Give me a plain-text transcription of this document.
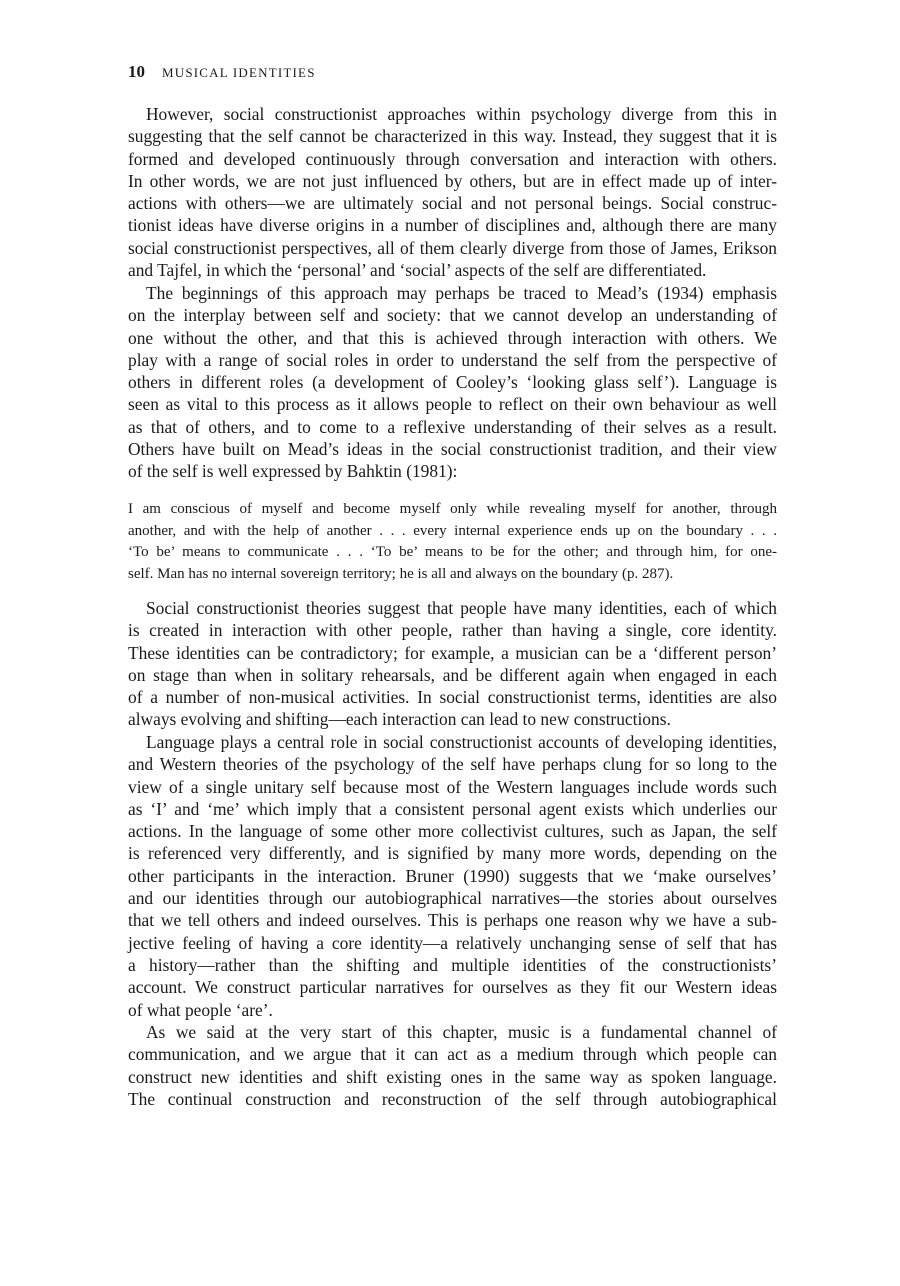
10 MUSICAL IDENTITIES
However, social constructionist approaches within psychology diverge from this in
suggesting that the self cannot be characterized in this way. Instead, they suggest that it is
formed and developed continuously through conversation and interaction with others.
In other words, we are not just influenced by others, but are in effect made up of inter-
actions with others—we are ultimately social and not personal beings. Social construc-
tionist ideas have diverse origins in a number of disciplines and, although there are many
social constructionist perspectives, all of them clearly diverge from those of James, Erikson
and Tajfel, in which the ‘personal’ and ‘social’ aspects of the self are differentiated.
The beginnings of this approach may perhaps be traced to Mead’s (1934) emphasis
on the interplay between self and society: that we cannot develop an understanding of
one without the other, and that this is achieved through interaction with others. We
play with a range of social roles in order to understand the self from the perspective of
others in different roles (a development of Cooley’s ‘looking glass self’). Language is
seen as vital to this process as it allows people to reflect on their own behaviour as well
as that of others, and to come to a reflexive understanding of their selves as a result.
Others have built on Mead’s ideas in the social constructionist tradition, and their view
of the self is well expressed by Bahktin (1981):
I am conscious of myself and become myself only while revealing myself for another, through
another, and with the help of another . . . every internal experience ends up on the boundary . . .
‘To be’ means to communicate . . . ‘To be’ means to be for the other; and through him, for one-
self. Man has no internal sovereign territory; he is all and always on the boundary (p. 287).
Social constructionist theories suggest that people have many identities, each of which
is created in interaction with other people, rather than having a single, core identity.
These identities can be contradictory; for example, a musician can be a ‘different person’
on stage than when in solitary rehearsals, and be different again when engaged in each
of a number of non-musical activities. In social constructionist terms, identities are also
always evolving and shifting—each interaction can lead to new constructions.
Language plays a central role in social constructionist accounts of developing identities,
and Western theories of the psychology of the self have perhaps clung for so long to the
view of a single unitary self because most of the Western languages include words such
as ‘I’ and ‘me’ which imply that a consistent personal agent exists which underlies our
actions. In the language of some other more collectivist cultures, such as Japan, the self
is referenced very differently, and is signified by many more words, depending on the
other participants in the interaction. Bruner (1990) suggests that we ‘make ourselves’
and our identities through our autobiographical narratives—the stories about ourselves
that we tell others and indeed ourselves. This is perhaps one reason why we have a sub-
jective feeling of having a core identity—a relatively unchanging sense of self that has
a history—rather than the shifting and multiple identities of the constructionists’
account. We construct particular narratives for ourselves as they fit our Western ideas
of what people ‘are’.
As we said at the very start of this chapter, music is a fundamental channel of
communication, and we argue that it can act as a medium through which people can
construct new identities and shift existing ones in the same way as spoken language.
The continual construction and reconstruction of the self through autobiographical
